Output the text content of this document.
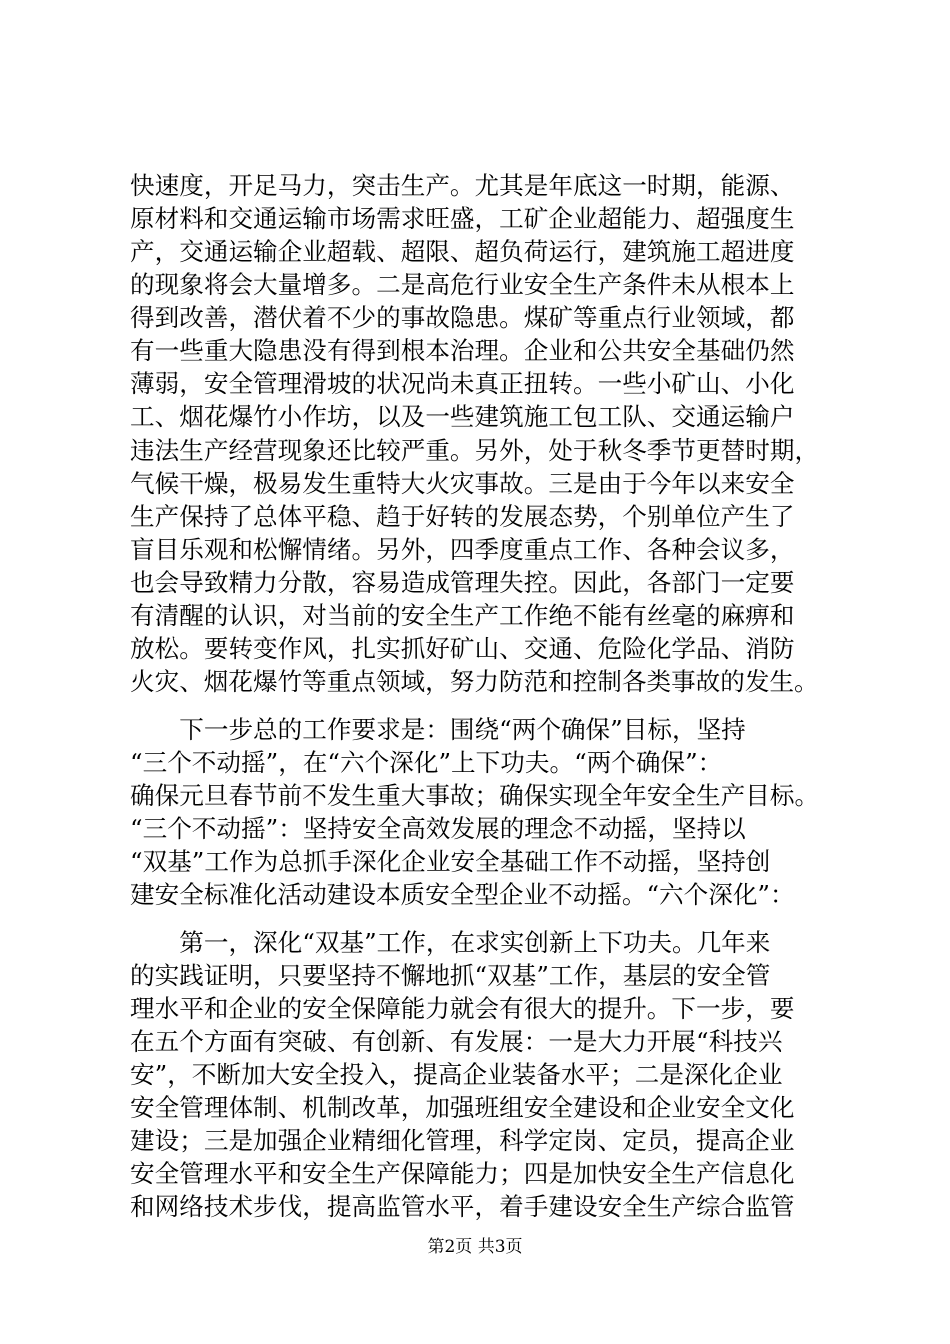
快速度，开足马力，突击生产。尤其是年底这一时期，能源、
原材料和交通运输市场需求旺盛，工矿企业超能力、超强度生
产，交通运输企业超载、超限、超负荷运行，建筑施工超进度
的现象将会大量增多。二是高危行业安全生产条件未从根本上
得到改善，潜伏着不少的事故隐患。煤矿等重点行业领域，都
有一些重大隐患没有得到根本治理。企业和公共安全基础仍然
薄弱，安全管理滑坡的状况尚未真正扭转。一些小矿山、小化
工、烟花爆竹小作坊，以及一些建筑施工包工队、交通运输户
违法生产经营现象还比较严重。另外，处于秋冬季节更替时期，
气候干燥，极易发生重特大火灾事故。三是由于今年以来安全
生产保持了总体平稳、趋于好转的发展态势，个别单位产生了
盲目乐观和松懈情绪。另外，四季度重点工作、各种会议多，
也会导致精力分散，容易造成管理失控。因此，各部门一定要
有清醒的认识，对当前的安全生产工作绝不能有丝毫的麻痹和
放松。要转变作风，扎实抓好矿山、交通、危险化学品、消防
火灾、烟花爆竹等重点领域，努力防范和控制各类事故的发生。
　　下一步总的工作要求是：围绕“两个确保”目标，坚持
“三个不动摇”，在“六个深化”上下功夫。“两个确保”：
确保元旦春节前不发生重大事故；确保实现全年安全生产目标。
“三个不动摇”：坚持安全高效发展的理念不动摇，坚持以
“双基”工作为总抓手深化企业安全基础工作不动摇，坚持创
建安全标准化活动建设本质安全型企业不动摇。“六个深化”：
　　第一，深化“双基”工作，在求实创新上下功夫。几年来
的实践证明，只要坚持不懈地抓“双基”工作，基层的安全管
理水平和企业的安全保障能力就会有很大的提升。下一步，要
在五个方面有突破、有创新、有发展：一是大力开展“科技兴
安”，不断加大安全投入，提高企业装备水平；二是深化企业
安全管理体制、机制改革，加强班组安全建设和企业安全文化
建设；三是加强企业精细化管理，科学定岗、定员，提高企业
安全管理水平和安全生产保障能力；四是加快安全生产信息化
和网络技术步伐，提高监管水平，着手建设安全生产综合监管
第2页 共3页
